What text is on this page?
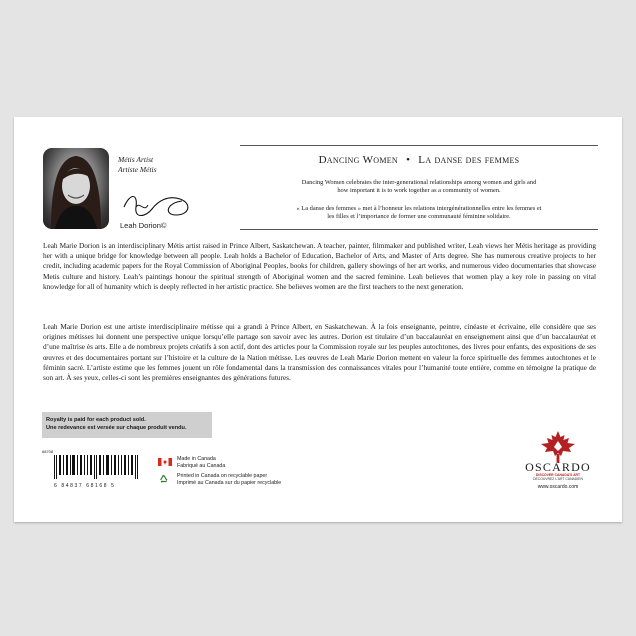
Métis Artist
Artiste Métis
Leah Dorion©
Dancing Women • La danse des femmes
Dancing Women celebrates the inter-generational relationships among women and girls and
how important it is to work together as a community of women.
« La danse des femmes » met à l’honneur les relations intergénérationnelles entre les femmes et
les filles et l’importance de former une communauté féminine solidaire.
Leah Marie Dorion is an interdisciplinary Métis artist raised in Prince Albert, Saskatchewan. A teacher, painter, filmmaker and published writer, Leah views her Métis heritage as providing her with a unique bridge for knowledge between all people. Leah holds a Bachelor of Education, Bachelor of Arts, and Master of Arts degree. She has numerous creative projects to her credit, including academic papers for the Royal Commission of Aboriginal Peoples, books for children, gallery showings of her art works, and numerous video documentaries that showcase Metis culture and history. Leah’s paintings honour the spiritual strength of Aboriginal women and the sacred feminine. Leah believes that women play a key role in passing on vital knowledge for all of humanity which is deeply reflected in her artistic practice. She believes women are the first teachers to the next generation.
Leah Marie Dorion est une artiste interdisciplinaire métisse qui a grandi à Prince Albert, en Saskatchewan. À la fois enseignante, peintre, cinéaste et écrivaine, elle considère que ses origines métisses lui donnent une perspective unique lorsqu’elle partage son savoir avec les autres. Dorion est titulaire d’un baccalauréat en enseignement ainsi que d’un baccalauréat et d’une maîtrise ès arts. Elle a de nombreux projets créatifs à son actif, dont des articles pour la Commission royale sur les peuples autochtones, des livres pour enfants, des expositions de ses œuvres et des documentaires portant sur l’histoire et la culture de la Nation métisse. Les œuvres de Leah Marie Dorion mettent en valeur la force spirituelle des femmes autochtones et le féminin sacré. L’artiste estime que les femmes jouent un rôle fondamental dans la transmission des connaissances vitales pour l’humanité toute entière, comme en témoigne la pratique de son art. À ses yeux, celles-ci sont les premières enseignantes des générations futures.
Royalty is paid for each product sold.
Une redevance est versée sur chaque produit vendu.
68708
6 84837 68168 5
Made in Canada
Fabriqué au Canada
Printed in Canada on recyclable paper
Imprimé au Canada sur du papier recyclable
OSCARDO
DISCOVER CANADA’S ART
DÉCOUVREZ L’ART CANADIEN
www.oscardo.com
